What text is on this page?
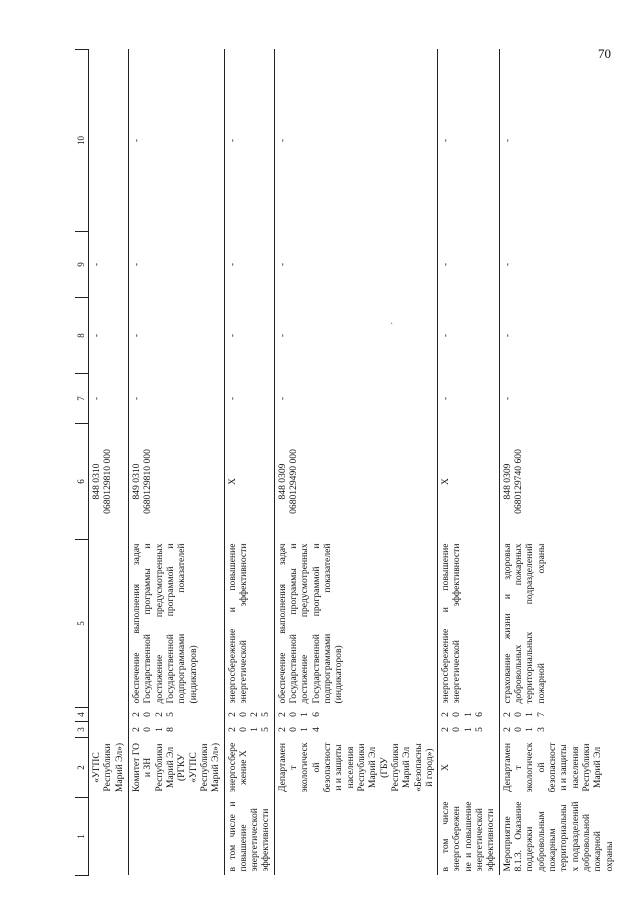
70
·
1	2	3	4	5	6	7	8	9	10
	«УГПС Республики Марий Эл»)				848 0310 0680129810 000	-	-	-	
	Комитет ГО и ЗН Республики Марий Эл (РГКУ «УГПС Республики Марий Эл»)	2018	2025	обеспечение выполнения задач Государственной программы и достижение предусмотренных Государственной программой и подпрограммами показателей (индикаторов)	849 0310 0680129810 000	-	-	-	-
в том числе и повышение энергетической эффективности	энергосбережение X	2015	2025	энергосбережение и повышение энергетической эффективности	X	-	-	-	-
	Департамент экологической безопасности и защиты населения Республики Марий Эл (ГБУ Республики Марий Эл «Безопасный город»)	2014	2016	обеспечение выполнения задач Государственной программы и достижение предусмотренных Государственной программой и подпрограммами показателей (индикаторов)	848 0309 0680129490 000	-	-	-	-
в том числе энергосбережение и повышение энергетической эффективности	X	2015	2016	энергосбережение и повышение энергетической эффективности	X	-	-	-	-
Мероприятие 8.1.3. Оказание поддержки добровольным пожарным территориальных подразделений добровольной пожарной охраны	Департамент экологической безопасности и защиты населения Республики Марий Эл	2013	2017	страхование жизни и здоровья добровольных пожарных территориальных подразделений пожарной охраны	848 0309 0680129740 600	-	-	-	-
